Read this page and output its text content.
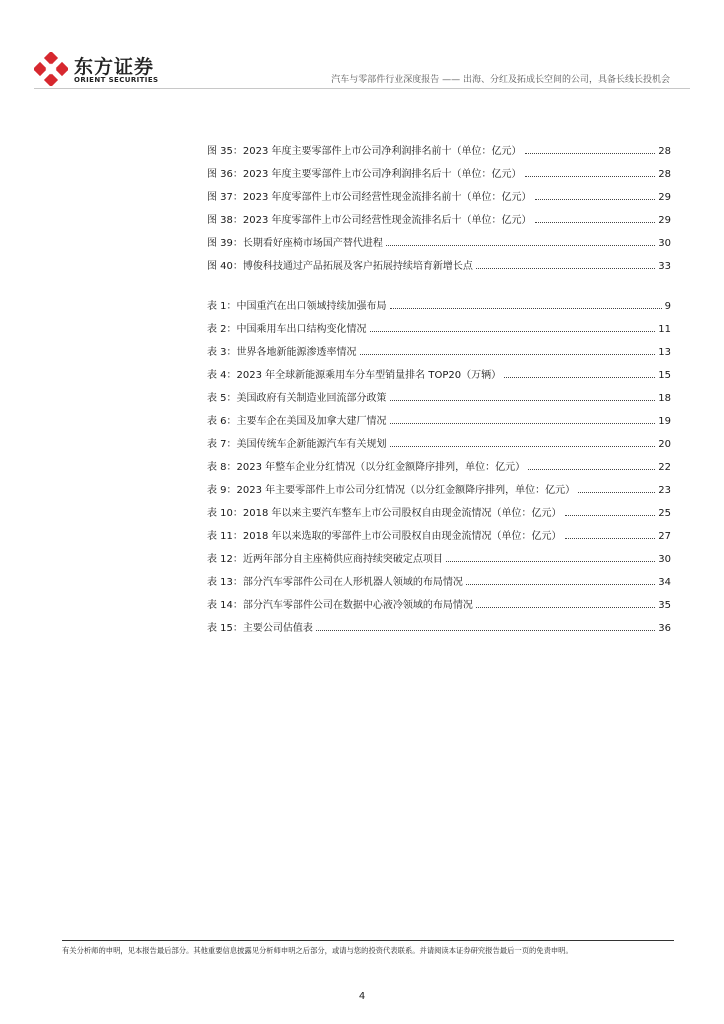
东方证券
ORIENT SECURITIES	汽车与零部件行业深度报告 —— 出海、分红及拓成长空间的公司，具备长线长投机会
图 35：2023 年度主要零部件上市公司净利润排名前十（单位：亿元）	28
图 36：2023 年度主要零部件上市公司净利润排名后十（单位：亿元）	28
图 37：2023 年度零部件上市公司经营性现金流排名前十（单位：亿元）	29
图 38：2023 年度零部件上市公司经营性现金流排名后十（单位：亿元）	29
图 39：长期看好座椅市场国产替代进程	30
图 40：博俊科技通过产品拓展及客户拓展持续培育新增长点	33
表 1：中国重汽在出口领域持续加强布局	9
表 2：中国乘用车出口结构变化情况	11
表 3：世界各地新能源渗透率情况	13
表 4：2023 年全球新能源乘用车分车型销量排名 TOP20（万辆）	15
表 5：美国政府有关制造业回流部分政策	18
表 6：主要车企在美国及加拿大建厂情况	19
表 7：美国传统车企新能源汽车有关规划	20
表 8：2023 年整车企业分红情况（以分红金额降序排列，单位：亿元）	22
表 9：2023 年主要零部件上市公司分红情况（以分红金额降序排列，单位：亿元）	23
表 10：2018 年以来主要汽车整车上市公司股权自由现金流情况（单位：亿元）	25
表 11：2018 年以来选取的零部件上市公司股权自由现金流情况（单位：亿元）	27
表 12：近两年部分自主座椅供应商持续突破定点项目	30
表 13：部分汽车零部件公司在人形机器人领域的布局情况	34
表 14：部分汽车零部件公司在数据中心液冷领域的布局情况	35
表 15：主要公司估值表	36
有关分析师的申明，见本报告最后部分。其他重要信息披露见分析师申明之后部分，或请与您的投资代表联系。并请阅读本证券研究报告最后一页的免责申明。
4
